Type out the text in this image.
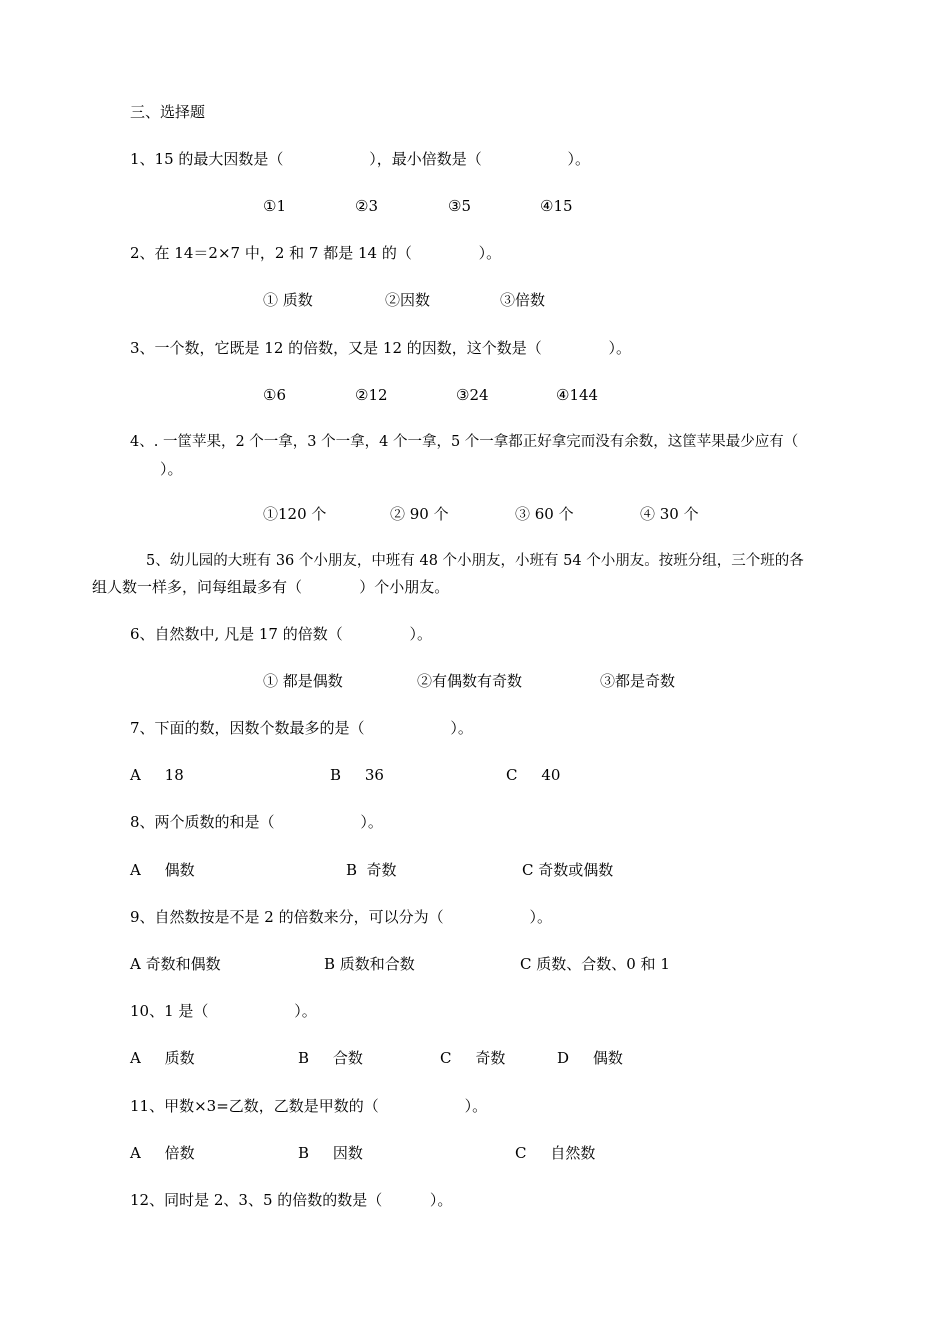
三、选择题
1、15 的最大因数是（                  ），最小倍数是（                  ）。
①1	②3	③5	④15
2、在 14＝2×7 中，2 和 7 都是 14 的（              ）。
① 质数	②因数	③倍数
3、一个数，它既是 12 的倍数，又是 12 的因数，这个数是（              ）。
①6	②12	③24	④144
4、. 一筐苹果，2 个一拿，3 个一拿，4 个一拿，5 个一拿都正好拿完而没有余数，这筐苹果最少应有（
）。
①120 个	② 90 个	③ 60 个	④ 30 个
5、幼儿园的大班有 36 个小朋友，中班有 48 个小朋友，小班有 54 个小朋友。按班分组，三个班的各
组人数一样多，问每组最多有（            ）个小朋友。
6、自然数中, 凡是 17 的倍数（              ）。
① 都是偶数	②有偶数有奇数	③都是奇数
7、下面的数，因数个数最多的是（                  ）。
A     18	B     36	C     40
8、两个质数的和是（                  ）。
A     偶数	B  奇数	C 奇数或偶数
9、自然数按是不是 2 的倍数来分，可以分为（                  ）。
A 奇数和偶数	B 质数和合数	C 质数、合数、0 和 1
10、1 是（                  ）。
A     质数	B     合数	C     奇数	D     偶数
11、甲数×3=乙数，乙数是甲数的（                  ）。
A     倍数	B     因数	C     自然数
12、同时是 2、3、5 的倍数的数是（          ）。
